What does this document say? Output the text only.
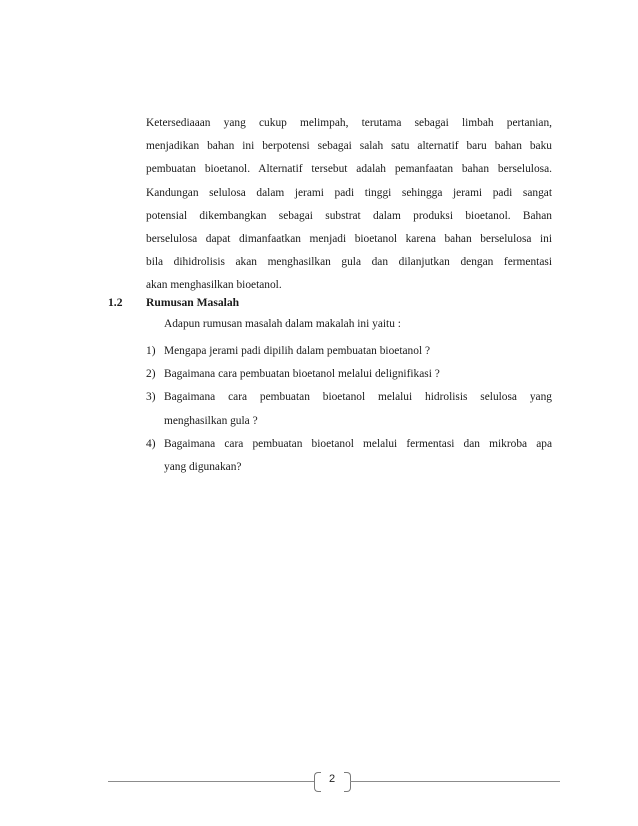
Ketersediaaan yang cukup melimpah, terutama sebagai limbah pertanian,
menjadikan bahan ini berpotensi sebagai salah satu alternatif baru bahan baku
pembuatan bioetanol. Alternatif tersebut adalah pemanfaatan bahan berselulosa.
Kandungan selulosa dalam jerami padi tinggi sehingga jerami padi sangat
potensial dikembangkan sebagai substrat dalam produksi bioetanol. Bahan
berselulosa dapat dimanfaatkan menjadi bioetanol karena bahan berselulosa ini
bila dihidrolisis akan menghasilkan gula dan dilanjutkan dengan fermentasi
akan menghasilkan bioetanol.
1.2 Rumusan Masalah
Adapun rumusan masalah dalam makalah ini yaitu :
1) Mengapa jerami padi dipilih dalam pembuatan bioetanol ?
2) Bagaimana cara pembuatan bioetanol melalui delignifikasi ?
3) Bagaimana cara pembuatan bioetanol melalui hidrolisis selulosa yang
menghasilkan gula ?
4) Bagaimana cara pembuatan bioetanol melalui fermentasi dan mikroba apa
yang digunakan?
2
